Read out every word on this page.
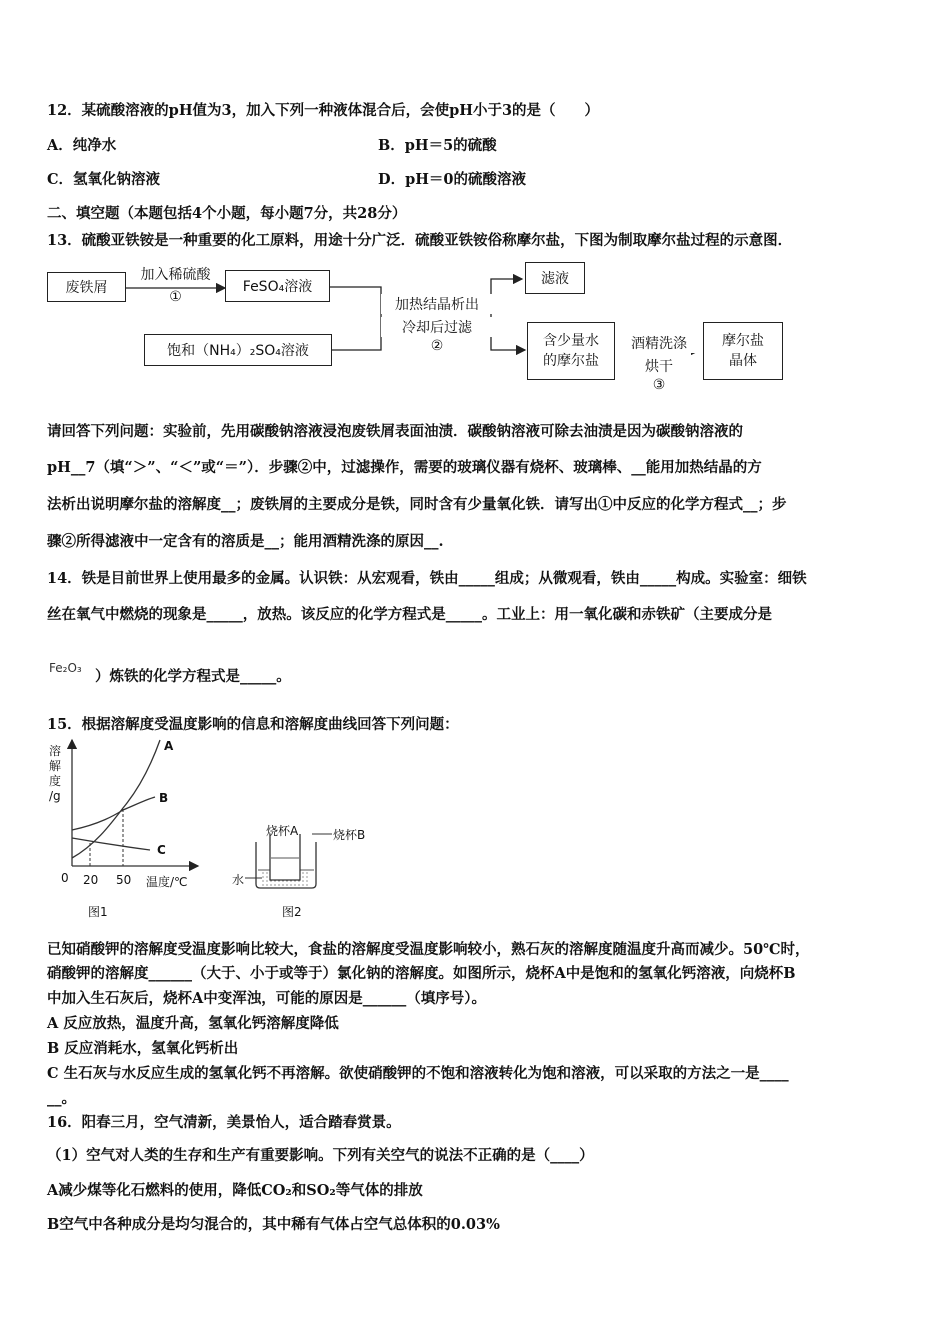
12．某硫酸溶液的pH值为3，加入下列一种液体混合后，会使pH小于3的是（　　）
A．纯净水	B．pH＝5的硫酸
C．氢氧化钠溶液	D．pH＝0的硫酸溶液
二、填空题（本题包括4个小题，每小题7分，共28分）
13．硫酸亚铁铵是一种重要的化工原料，用途十分广泛．硫酸亚铁铵俗称摩尔盐，下图为制取摩尔盐过程的示意图．
废铁屑
加入稀硫酸
①
FeSO₄溶液
饱和（NH₄）₂SO₄溶液
加热结晶析出
冷却后过滤
②
滤液
含少量水
的摩尔盐
酒精洗涤
烘干
③
摩尔盐
晶体
请回答下列问题：实验前，先用碳酸钠溶液浸泡废铁屑表面油渍．碳酸钠溶液可除去油渍是因为碳酸钠溶液的
pH__7（填“＞”、“＜”或“＝”）．步骤②中，过滤操作，需要的玻璃仪器有烧杯、玻璃棒、__能用加热结晶的方
法析出说明摩尔盐的溶解度__；废铁屑的主要成分是铁，同时含有少量氧化铁．请写出①中反应的化学方程式__；步
骤②所得滤液中一定含有的溶质是__；能用酒精洗涤的原因__.
14．铁是目前世界上使用最多的金属。认识铁：从宏观看，铁由_____组成；从微观看，铁由_____构成。实验室：细铁
丝在氧气中燃烧的现象是_____，放热。该反应的化学方程式是_____。工业上：用一氧化碳和赤铁矿（主要成分是
Fe₂O₃ ）炼铁的化学方程式是_____。
15．根据溶解度受温度影响的信息和溶解度曲线回答下列问题：
溶
解
度
/g
A
B
C
0 20 50 温度/℃
图1
烧杯A	烧杯B
水
图2
已知硝酸钾的溶解度受温度影响比较大，食盐的溶解度受温度影响较小，熟石灰的溶解度随温度升高而减少。50℃时，
硝酸钾的溶解度______（大于、小于或等于）氯化钠的溶解度。如图所示，烧杯A中是饱和的氢氧化钙溶液，向烧杯B
中加入生石灰后，烧杯A中变浑浊，可能的原因是______（填序号）。
A 反应放热，温度升高，氢氧化钙溶解度降低
B 反应消耗水，氢氧化钙析出
C 生石灰与水反应生成的氢氧化钙不再溶解。欲使硝酸钾的不饱和溶液转化为饱和溶液，可以采取的方法之一是____
__。
16．阳春三月，空气清新，美景怡人，适合踏春赏景。
（1）空气对人类的生存和生产有重要影响。下列有关空气的说法不正确的是（____）
A减少煤等化石燃料的使用，降低CO₂和SO₂等气体的排放
B空气中各种成分是均匀混合的，其中稀有气体占空气总体积的0.03%
